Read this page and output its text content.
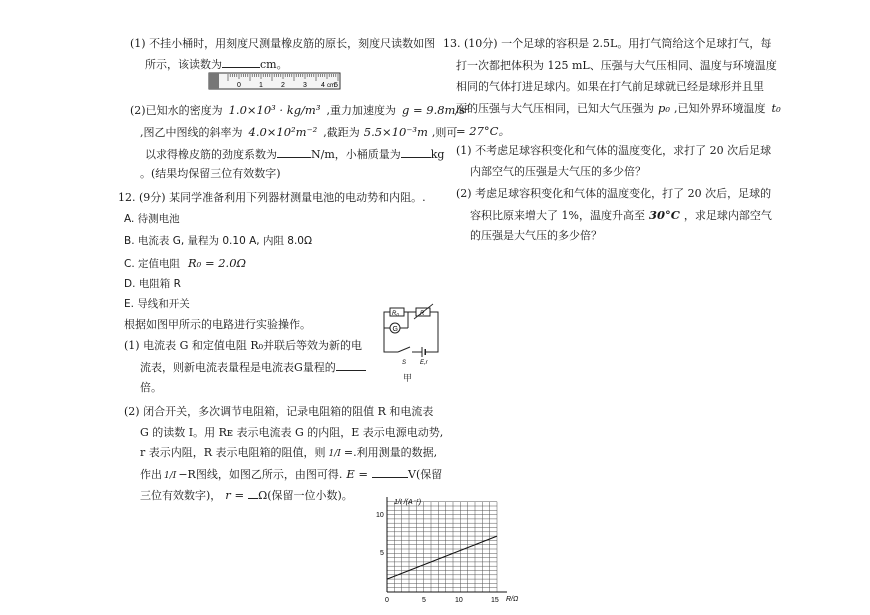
(1) 不挂小桶时，用刻度尺测量橡皮筋的原长，刻度尺读数如图
所示，该读数为	cm。
0	1	2	3 4 cm 5
(2)已知水的密度为 1.0×10³ · kg/m³ ,重力加速度为 g = 9.8m/s²
,图乙中图线的斜率为 4.0×10²m⁻² ,截距为 5.5×10⁻³m ,则可
以求得橡皮筋的劲度系数为	N/m，小桶质量为	kg
。(结果均保留三位有效数字)
12. (9分) 某同学准备利用下列器材测量电池的电动势和内阻。.
A. 待测电池
B. 电流表 G, 量程为 0.10 A, 内阻 8.0Ω
C. 定值电阻 R₀ = 2.0Ω
D. 电阻箱 R
E. 导线和开关
根据如图甲所示的电路进行实验操作。	G
R₀	R
S E,r
甲
(1) 电流表 G 和定值电阻 R₀并联后等效为新的电
流表，则新电流表量程是电流表G量程的
倍。
(2) 闭合开关，多次调节电阻箱，记录电阻箱的阻值 R 和电流表
G 的读数 I。用 Rᴇ 表示电流表 G 的内阻，E 表示电源电动势,
r 表示内阻，R 表示电阻箱的阻值，则 1/I =.利用测量的数据,
作出 1/I −R图线，如图乙所示，由图可得. E =	V(保留
三位有效数字)， r = Ω(保留一位小数)。
1/I /(A⁻¹)
R/Ω
10
5
0	5	10	15
13. (10分) 一个足球的容积是 2.5L。用打气筒给这个足球打气，每
打一次都把体积为 125 mL、压强与大气压相同、温度与环境温度
相同的气体打进足球内。如果在打气前足球就已经是球形并且里
面的压强与大气压相同，已知大气压强为 p₀ ,已知外界环境温度 t₀
= 27°C。
(1) 不考虑足球容积变化和气体的温度变化，求打了 20 次后足球
内部空气的压强是大气压的多少倍？
(2) 考虑足球容积变化和气体的温度变化，打了 20 次后，足球的
容积比原来增大了 1%，温度升高至 30°C ，求足球内部空气
的压强是大气压的多少倍？
